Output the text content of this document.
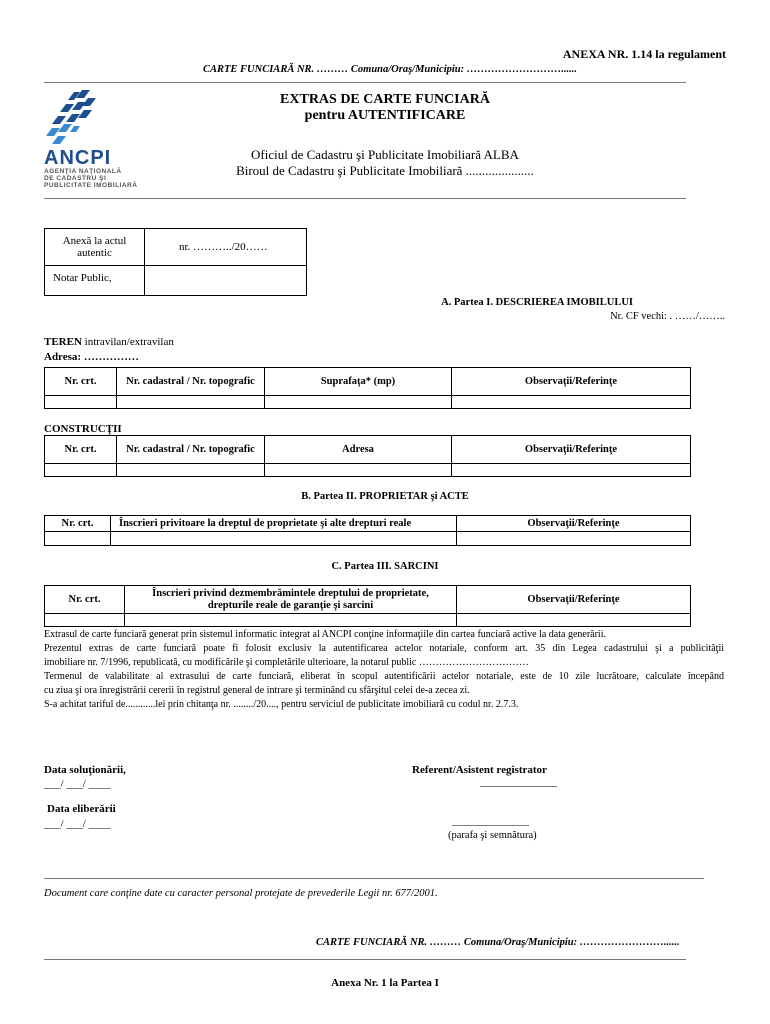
ANEXA NR. 1.14 la regulament
CARTE FUNCIARĂ NR. ……… Comuna/Oraş/Municipiu: ………………………......
ANCPI
AGENŢIA NAŢIONALĂ
DE CADASTRU ŞI
PUBLICITATE IMOBILIARĂ
EXTRAS DE CARTE FUNCIARĂ
pentru AUTENTIFICARE
Oficiul de Cadastru şi Publicitate Imobiliară ALBA
Biroul de Cadastru şi Publicitate Imobiliară .....................
Anexă la actul autentic	nr. ………../20……
Notar Public,	
A. Partea I. DESCRIEREA IMOBILULUI
Nr. CF vechi: . ……/……..
TEREN intravilan/extravilan
Adresa: ……………
Nr. crt.	Nr. cadastral / Nr. topografic	Suprafaţa* (mp)	Observaţii/Referinţe

CONSTRUCŢII
Nr. crt.	Nr. cadastral / Nr. topografic	Adresa	Observaţii/Referinţe

B. Partea II. PROPRIETAR şi ACTE
Nr. crt.	Înscrieri privitoare la dreptul de proprietate şi alte drepturi reale	Observaţii/Referinţe

C. Partea III. SARCINI
Nr. crt.	Înscrieri privind dezmembrămintele dreptului de proprietate, drepturile reale de garanţie şi sarcini	Observaţii/Referinţe

Extrasul de carte funciară generat prin sistemul informatic integrat al ANCPI conţine informaţiile din cartea funciară active la data generării.
Prezentul extras de carte funciară poate fi folosit exclusiv la autentificarea actelor notariale, conform art. 35 din Legea cadastrului şi a publicităţii
imobiliare nr. 7/1996, republicată, cu modificările şi completările ulterioare, la notarul public ……………………………
Termenul de valabilitate al extrasului de carte funciară, eliberat în scopul autentificării actelor notariale, este de 10 zile lucrătoare, calculate începând
cu ziua şi ora înregistrării cererii în registrul general de intrare şi terminând cu sfârşitul celei de-a zecea zi.
S-a achitat tariful de............lei prin chitanţa nr. ......../20...., pentru serviciul de publicitate imobiliară cu codul nr. 2.7.3.
Data soluţionării,
___/ ___/ ____
Data eliberării
___/ ___/ ____
Referent/Asistent registrator
______________
______________
(parafa şi semnătura)
Document care conţine date cu caracter personal protejate de prevederile Legii nr. 677/2001.
CARTE FUNCIARĂ NR. ……… Comuna/Oraş/Municipiu: ……………………......
Anexa Nr. 1 la Partea I
